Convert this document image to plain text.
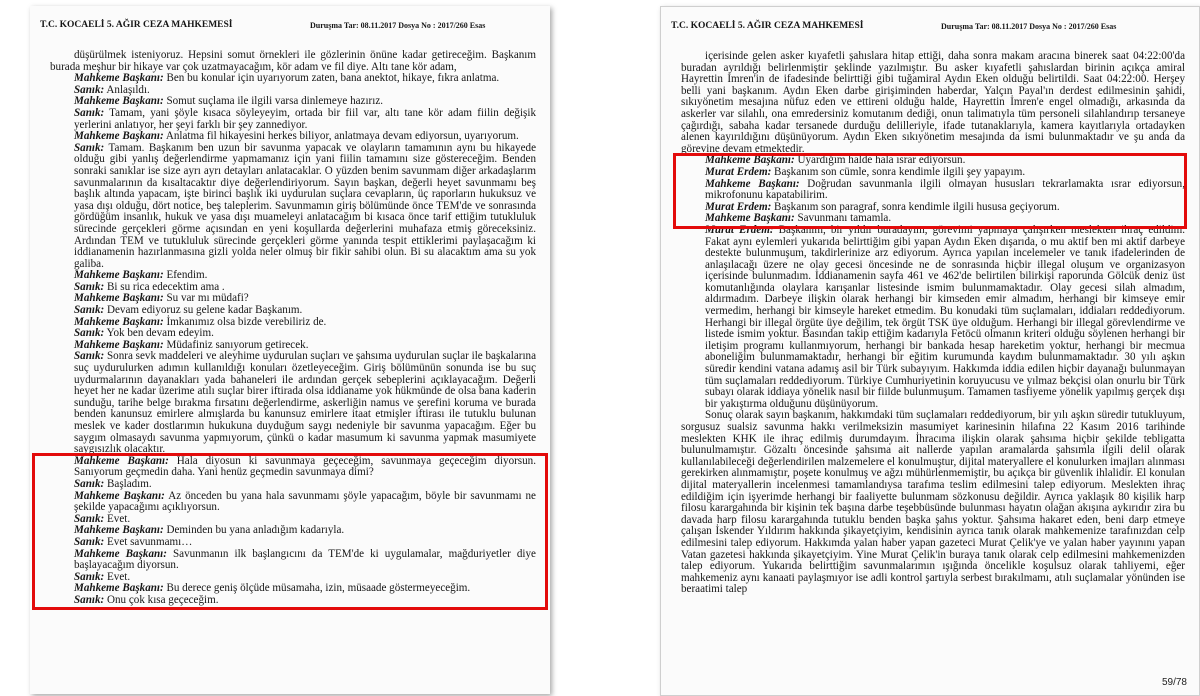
T.C. KOCAELİ 5. AĞIR CEZA MAHKEMESİ	Duruşma Tar: 08.11.2017 Dosya No : 2017/260 Esas

düşürülmek isteniyoruz. Hepsini somut örnekleri ile gözlerinin önüne kadar getireceğim. Başkanım burada meşhur bir hikaye var çok uzatmayacağım, kör adam ve fil diye. Altı tane kör adam,

Mahkeme Başkanı: Ben bu konular için uyarıyorum zaten, bana anektot, hikaye, fıkra anlatma.

Sanık: Anlaşıldı.

Mahkeme Başkanı: Somut suçlama ile ilgili varsa dinlemeye hazırız.

Sanık: Tamam, yani şöyle kısaca söyleyeyim, ortada bir fiil var, altı tane kör adam fiilin değişik yerlerini anlatıyor, her şeyi farklı bir şey zannediyor.

Mahkeme Başkanı: Anlatma fil hikayesini herkes biliyor, anlatmaya devam ediyorsun, uyarıyorum.

Sanık: Tamam. Başkanım ben uzun bir savunma yapacak ve olayların tamamının aynı bu hikayede olduğu gibi yanlış değerlendirme yapmamanız için yani fiilin tamamını size göstereceğim. Benden sonraki sanıklar ise size ayrı ayrı detayları anlatacaklar. O yüzden benim savunmam diğer arkadaşlarım savunmalarının da kısaltacaktır diye değerlendiriyorum. Sayın başkan, değerli heyet savunmamı beş başlık altında yapacam, işte birinci başlık iki uydurulan suçlara cevapların, üç raporların hukuksuz ve yasa dışı olduğu, dört notice, beş taleplerim. Savunmamın giriş bölümünde önce TEM'de ve sonrasında gördüğüm insanlık, hukuk ve yasa dışı muameleyi anlatacağım bi kısaca önce tarif ettiğim tutukluluk sürecinde gerçekleri görme açısından en yeni koşullarda değerlerini muhafaza etmiş göreceksiniz. Ardından TEM ve tutukluluk sürecinde gerçekleri görme yanında tespit ettiklerimi paylaşacağım ki iddianamenin hazırlanmasına gizli yolda neler olmuş bir fikir sahibi olun. Bi su alacaktım ama su yok galiba.

Mahkeme Başkanı: Efendim.

Sanık: Bi su rica edecektim ama .

Mahkeme Başkanı: Su var mı müdafi?

Sanık: Devam ediyoruz su gelene kadar Başkanım.

Mahkeme Başkanı: İmkanımız olsa bizde verebiliriz de.

Sanık: Yok ben devam edeyim.

Mahkeme Başkanı: Müdafiniz sanıyorum getirecek.

Sanık: Sonra sevk maddeleri ve aleyhime uydurulan suçları ve şahsıma uydurulan suçlar ile başkalarına suç uydurulurken adımın kullanıldığı konuları özetleyeceğim. Giriş bölümünün sonunda ise bu suç uydurmalarının dayanakları yada bahaneleri ile ardından gerçek sebeplerini açıklayacağım. Değerli heyet her ne kadar üzerime atılı suçlar birer iftirada olsa iddianame yok hükmünde de olsa bana kaderin sunduğu, tarihe belge bırakma fırsatını değerlendirme, askerliğin namus ve şerefini koruma ve burada benden kanunsuz emirlere almışlarda bu kanunsuz emirlere itaat etmişler iftirası ile tutuklu bulunan meslek ve kader dostlarımın hukukuna duyduğum saygı nedeniyle bir savunma yapacağım. Eğer bu saygım olmasaydı savunma yapmıyorum, çünkü o kadar masumum ki savunma yapmak masumiyete saygısızlık olacaktır.

Mahkeme Başkanı: Hala diyosun ki savunmaya geçeceğim, savunmaya geçeceğim diyorsun. Sanıyorum geçmedin daha. Yani henüz geçmedin savunmaya dimi?

Sanık: Başladım.

Mahkeme Başkanı: Az önceden bu yana hala savunmamı şöyle yapacağım, böyle bir savunmamı ne şekilde yapacağımı açıklıyorsun.

Sanık: Evet.

Mahkeme Başkanı: Deminden bu yana anladığım kadarıyla.

Sanık: Evet savunmamı…

Mahkeme Başkanı: Savunmanın ilk başlangıcını da TEM'de ki uygulamalar, mağduriyetler diye başlayacağım diyorsun.

Sanık: Evet.

Mahkeme Başkanı: Bu derece geniş ölçüde müsamaha, izin, müsaade göstermeyeceğim.

Sanık: Onu çok kısa geçeceğim.

T.C. KOCAELİ 5. AĞIR CEZA MAHKEMESİ	Duruşma Tar: 08.11.2017 Dosya No : 2017/260 Esas

içerisinde gelen asker kıyafetli şahıslara hitap ettiği, daha sonra makam aracına binerek saat 04:22:00'da buradan ayrıldığı belirlenmiştir şeklinde yazılmıştır. Bu asker kıyafetli şahıslardan birinin açıkça amiral Hayrettin İmren'in de ifadesinde belirttiği gibi tuğamiral Aydın Eken olduğu belirtildi. Saat 04:22:00. Herşey belli yani başkanım. Aydın Eken darbe girişiminden haberdar, Yalçın Payal'ın derdest edilmesinin şahidi, sıkıyönetim mesajına nüfuz eden ve ettireni olduğu halde, Hayrettin İmren'e engel olmadığı, arkasında da askerler var silahlı, ona emredersiniz komutanım dediği, onun talimatıyla tüm personeli silahlandırıp tersaneye çağırdığı, sabaha kadar tersanede durduğu delilleriyle, ifade tutanaklarıyla, kamera kayıtlarıyla ortadayken alenen kayırıldığını düşünüyorum. Aydın Eken sıkıyönetim mesajında da ismi bulunmaktadır ve şu anda da görevine devam etmektedir.

Mahkeme Başkanı: Uyardığım halde hala ısrar ediyorsun.

Murat Erdem: Başkanım son cümle, sonra kendimle ilgili şey yapayım.

Mahkeme Başkanı: Doğrudan savunmanla ilgili olmayan hususları tekrarlamakta ısrar ediyorsun, mikrofonunu kapatabilirim.

Murat Erdem: Başkanım son paragraf, sonra kendimle ilgili hususa geçiyorum.

Mahkeme Başkanı: Savunmanı tamamla.

Murat Erdem: Başkanım, bir yıldır buradayım, görevimi yapmaya çalışırken meslekten ihraç edildim. Fakat aynı eylemleri yukarıda belirttiğim gibi yapan Aydın Eken dışarıda, o mu aktif ben mi aktif darbeye destekte bulunmuşum, takdirlerinize arz ediyorum. Ayrıca yapılan incelemeler ve tanık ifadelerinden de anlaşılacağı üzere ne olay gecesi öncesinde ne de sonrasında hiçbir illegal oluşum ve organizasyon içerisinde bulunmadım. İddianamenin sayfa 461 ve 462'de belirtilen bilirkişi raporunda Gölcük deniz üst komutanlığında olaylara karışanlar listesinde ismim bulunmamaktadır. Olay gecesi silah almadım, aldırmadım. Darbeye ilişkin olarak herhangi bir kimseden emir almadım, herhangi bir kimseye emir vermedim, herhangi bir kimseyle hareket etmedim. Bu konudaki tüm suçlamaları, iddiaları reddediyorum. Herhangi bir illegal örgüte üye değilim, tek örgüt TSK üye olduğum. Herhangi bir illegal görevlendirme ve listede ismim yoktur. Basından takip ettiğim kadarıyla Fetöcü olmanın kriteri olduğu söylenen herhangi bir iletişim programı kullanmıyorum, herhangi bir bankada hesap hareketim yoktur, herhangi bir mecmua aboneliğim bulunmamaktadır, herhangi bir eğitim kurumunda kaydım bulunmamaktadır. 30 yılı aşkın süredir kendini vatana adamış asil bir Türk subayıyım. Hakkımda iddia edilen hiçbir dayanağı bulunmayan tüm suçlamaları reddediyorum. Türkiye Cumhuriyetinin koruyucusu ve yılmaz bekçisi olan onurlu bir Türk subayı olarak iddiaya yönelik nasıl bir fiilde bulunmuşum. Tamamen tasfiyeme yönelik yapılmış gerçek dışı bir yakıştırma olduğunu düşünüyorum.

Sonuç olarak sayın başkanım, hakkımdaki tüm suçlamaları reddediyorum, bir yılı aşkın süredir tutukluyum, sorgusuz sualsiz savunma hakkı verilmeksizin masumiyet karinesinin hilafına 22 Kasım 2016 tarihinde meslekten KHK ile ihraç edilmiş durumdayım. İhracıma ilişkin olarak şahsıma hiçbir şekilde tebligatta bulunulmamıştır. Gözaltı öncesinde şahsıma ait nallerde yapılan aramalarda şahsımla ilgili delil olarak kullanılabileceği değerlendirilen malzemelere el konulmuştur, dijital materyallere el konulurken imajları alınması gerekirken alınmamıştır, poşete konulmuş ve ağzı mühürlenmemiştir, bu açıkça bir güvenlik ihlalidir. El konulan dijital materyallerin incelenmesi tamamlandıysa tarafıma teslim edilmesini talep ediyorum. Meslekten ihraç edildiğim için işyerimde herhangi bir faaliyette bulunmam sözkonusu değildir. Ayrıca yaklaşık 80 kişilik harp filosu karargahında bir kişinin tek başına darbe teşebbüsünde bulunması hayatın olağan akışına aykırıdır zira bu davada harp filosu karargahında tutuklu benden başka şahıs yoktur. Şahsıma hakaret eden, beni darp etmeye çalışan İskender Yıldırım hakkında şikayetçiyim, kendisinin ayrıca tanık olarak mahkemenize tarafınızdan celp edilmesini talep ediyorum. Hakkımda yalan haber yapan gazeteci Murat Çelik'ye ve yalan haber yayınını yapan Vatan gazetesi hakkında şikayetçiyim. Yine Murat Çelik'in buraya tanık olarak celp edilmesini mahkemenizden talep ediyorum. Yukarıda belirttiğim savunmalarımın ışığında öncelikle koşulsuz olarak tahliyemi, eğer mahkemeniz aynı kanaati paylaşmıyor ise adli kontrol şartıyla serbest bırakılmamı, atılı suçlamalar yönünden ise beraatimi talep

59/78
